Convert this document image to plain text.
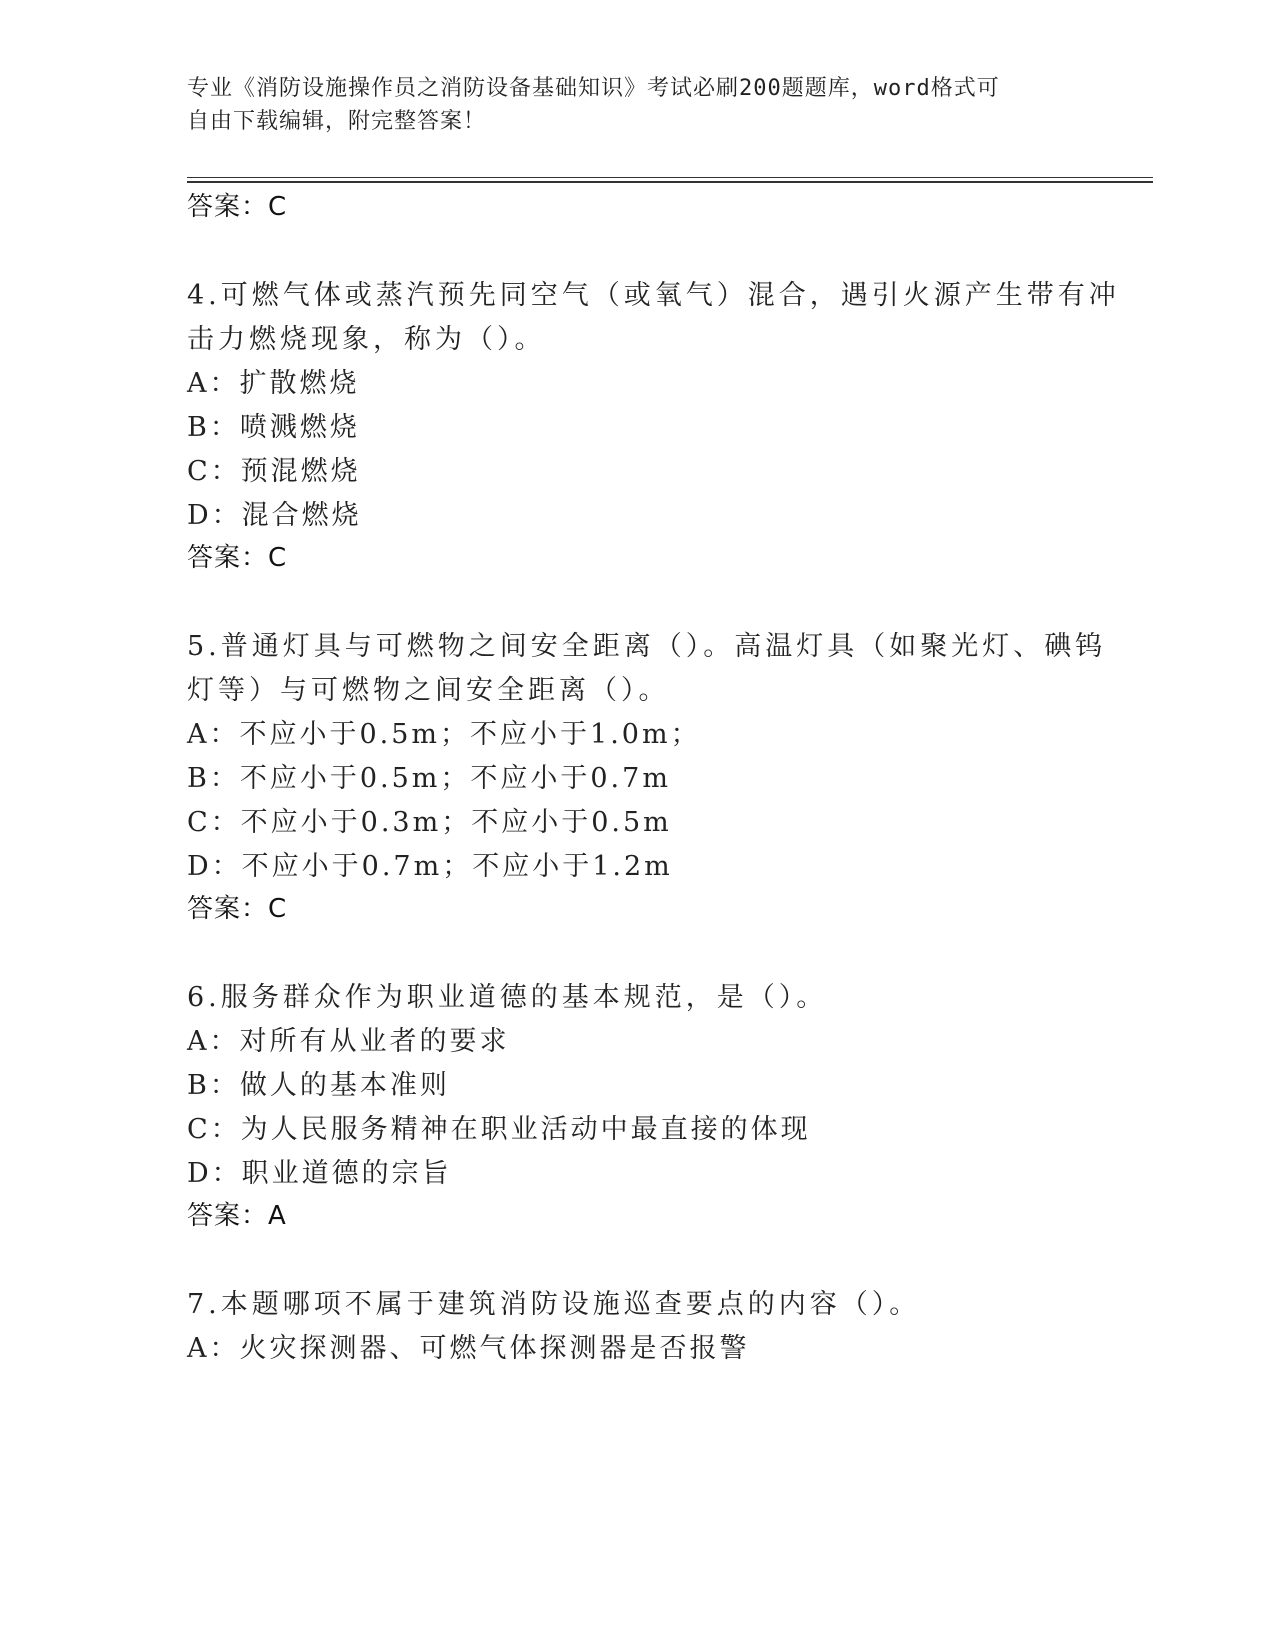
专业《消防设施操作员之消防设备基础知识》考试必刷200题题库，word格式可
自由下载编辑，附完整答案！
答案：C
4.可燃气体或蒸汽预先同空气（或氧气）混合，遇引火源产生带有冲
击力燃烧现象，称为（）。
A：扩散燃烧
B：喷溅燃烧
C：预混燃烧
D：混合燃烧
答案：C
5.普通灯具与可燃物之间安全距离（）。高温灯具（如聚光灯、碘钨
灯等）与可燃物之间安全距离（）。
A：不应小于0.5m；不应小于1.0m；
B：不应小于0.5m；不应小于0.7m
C：不应小于0.3m；不应小于0.5m
D：不应小于0.7m；不应小于1.2m
答案：C
6.服务群众作为职业道德的基本规范，是（）。
A：对所有从业者的要求
B：做人的基本准则
C：为人民服务精神在职业活动中最直接的体现
D：职业道德的宗旨
答案：A
7.本题哪项不属于建筑消防设施巡查要点的内容（）。
A：火灾探测器、可燃气体探测器是否报警
